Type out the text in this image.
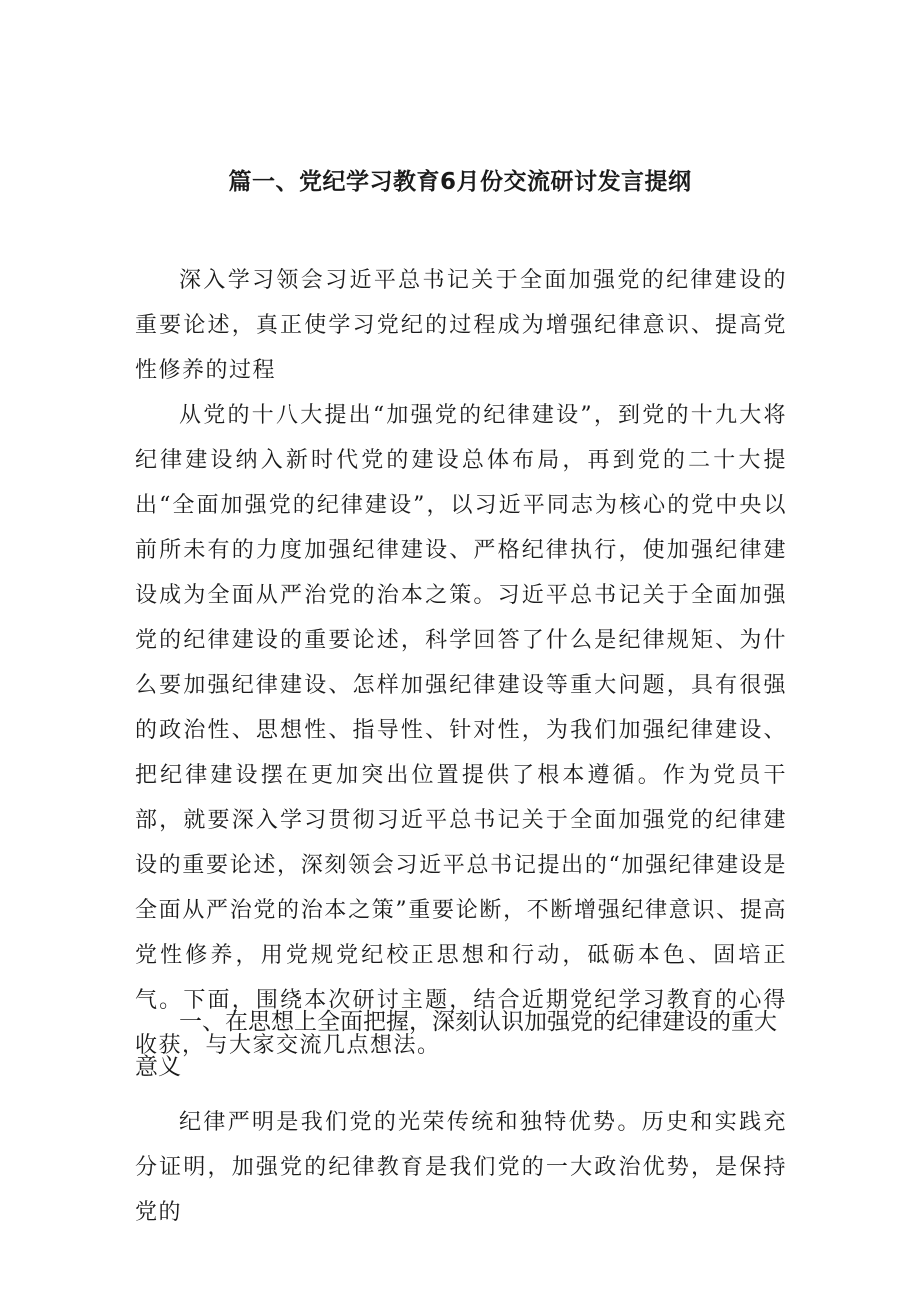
篇一、党纪学习教育6月份交流研讨发言提纲

深入学习领会习近平总书记关于全面加强党的纪律建设的重要论述，真正使学习党纪的过程成为增强纪律意识、提高党性修养的过程

从党的十八大提出“加强党的纪律建设”，到党的十九大将纪律建设纳入新时代党的建设总体布局，再到党的二十大提出“全面加强党的纪律建设”，以习近平同志为核心的党中央以前所未有的力度加强纪律建设、严格纪律执行，使加强纪律建设成为全面从严治党的治本之策。习近平总书记关于全面加强党的纪律建设的重要论述，科学回答了什么是纪律规矩、为什么要加强纪律建设、怎样加强纪律建设等重大问题，具有很强的政治性、思想性、指导性、针对性，为我们加强纪律建设、把纪律建设摆在更加突出位置提供了根本遵循。作为党员干部，就要深入学习贯彻习近平总书记关于全面加强党的纪律建设的重要论述，深刻领会习近平总书记提出的“加强纪律建设是全面从严治党的治本之策”重要论断，不断增强纪律意识、提高党性修养，用党规党纪校正思想和行动，砥砺本色、固培正气。下面，围绕本次研讨主题，结合近期党纪学习教育的心得收获，与大家交流几点想法。

一、在思想上全面把握，深刻认识加强党的纪律建设的重大意义

纪律严明是我们党的光荣传统和独特优势。历史和实践充分证明，加强党的纪律教育是我们党的一大政治优势，是保持党的
